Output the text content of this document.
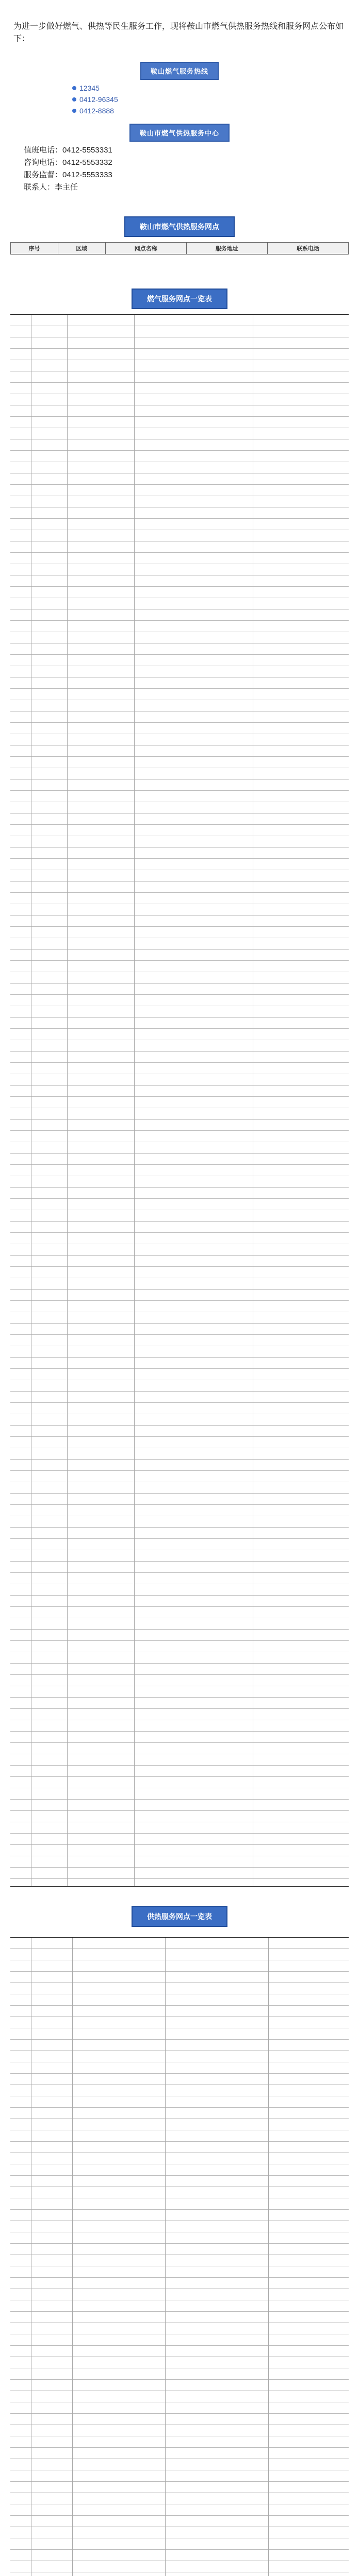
为进一步做好燃气、供热等民生服务工作，现将鞍山市燃气供热服务热线和服务网点公布如下：
鞍山燃气服务热线
12345
0412-96345
0412-8888
鞍山市燃气供热服务中心
值班电话：0412-5553331
咨询电话：0412-5553332
服务监督：0412-5553333
联系人：李主任
鞍山市燃气供热服务网点
序号	区域	网点名称	服务地址	联系电话
燃气服务网点一览表
供热服务网点一览表
